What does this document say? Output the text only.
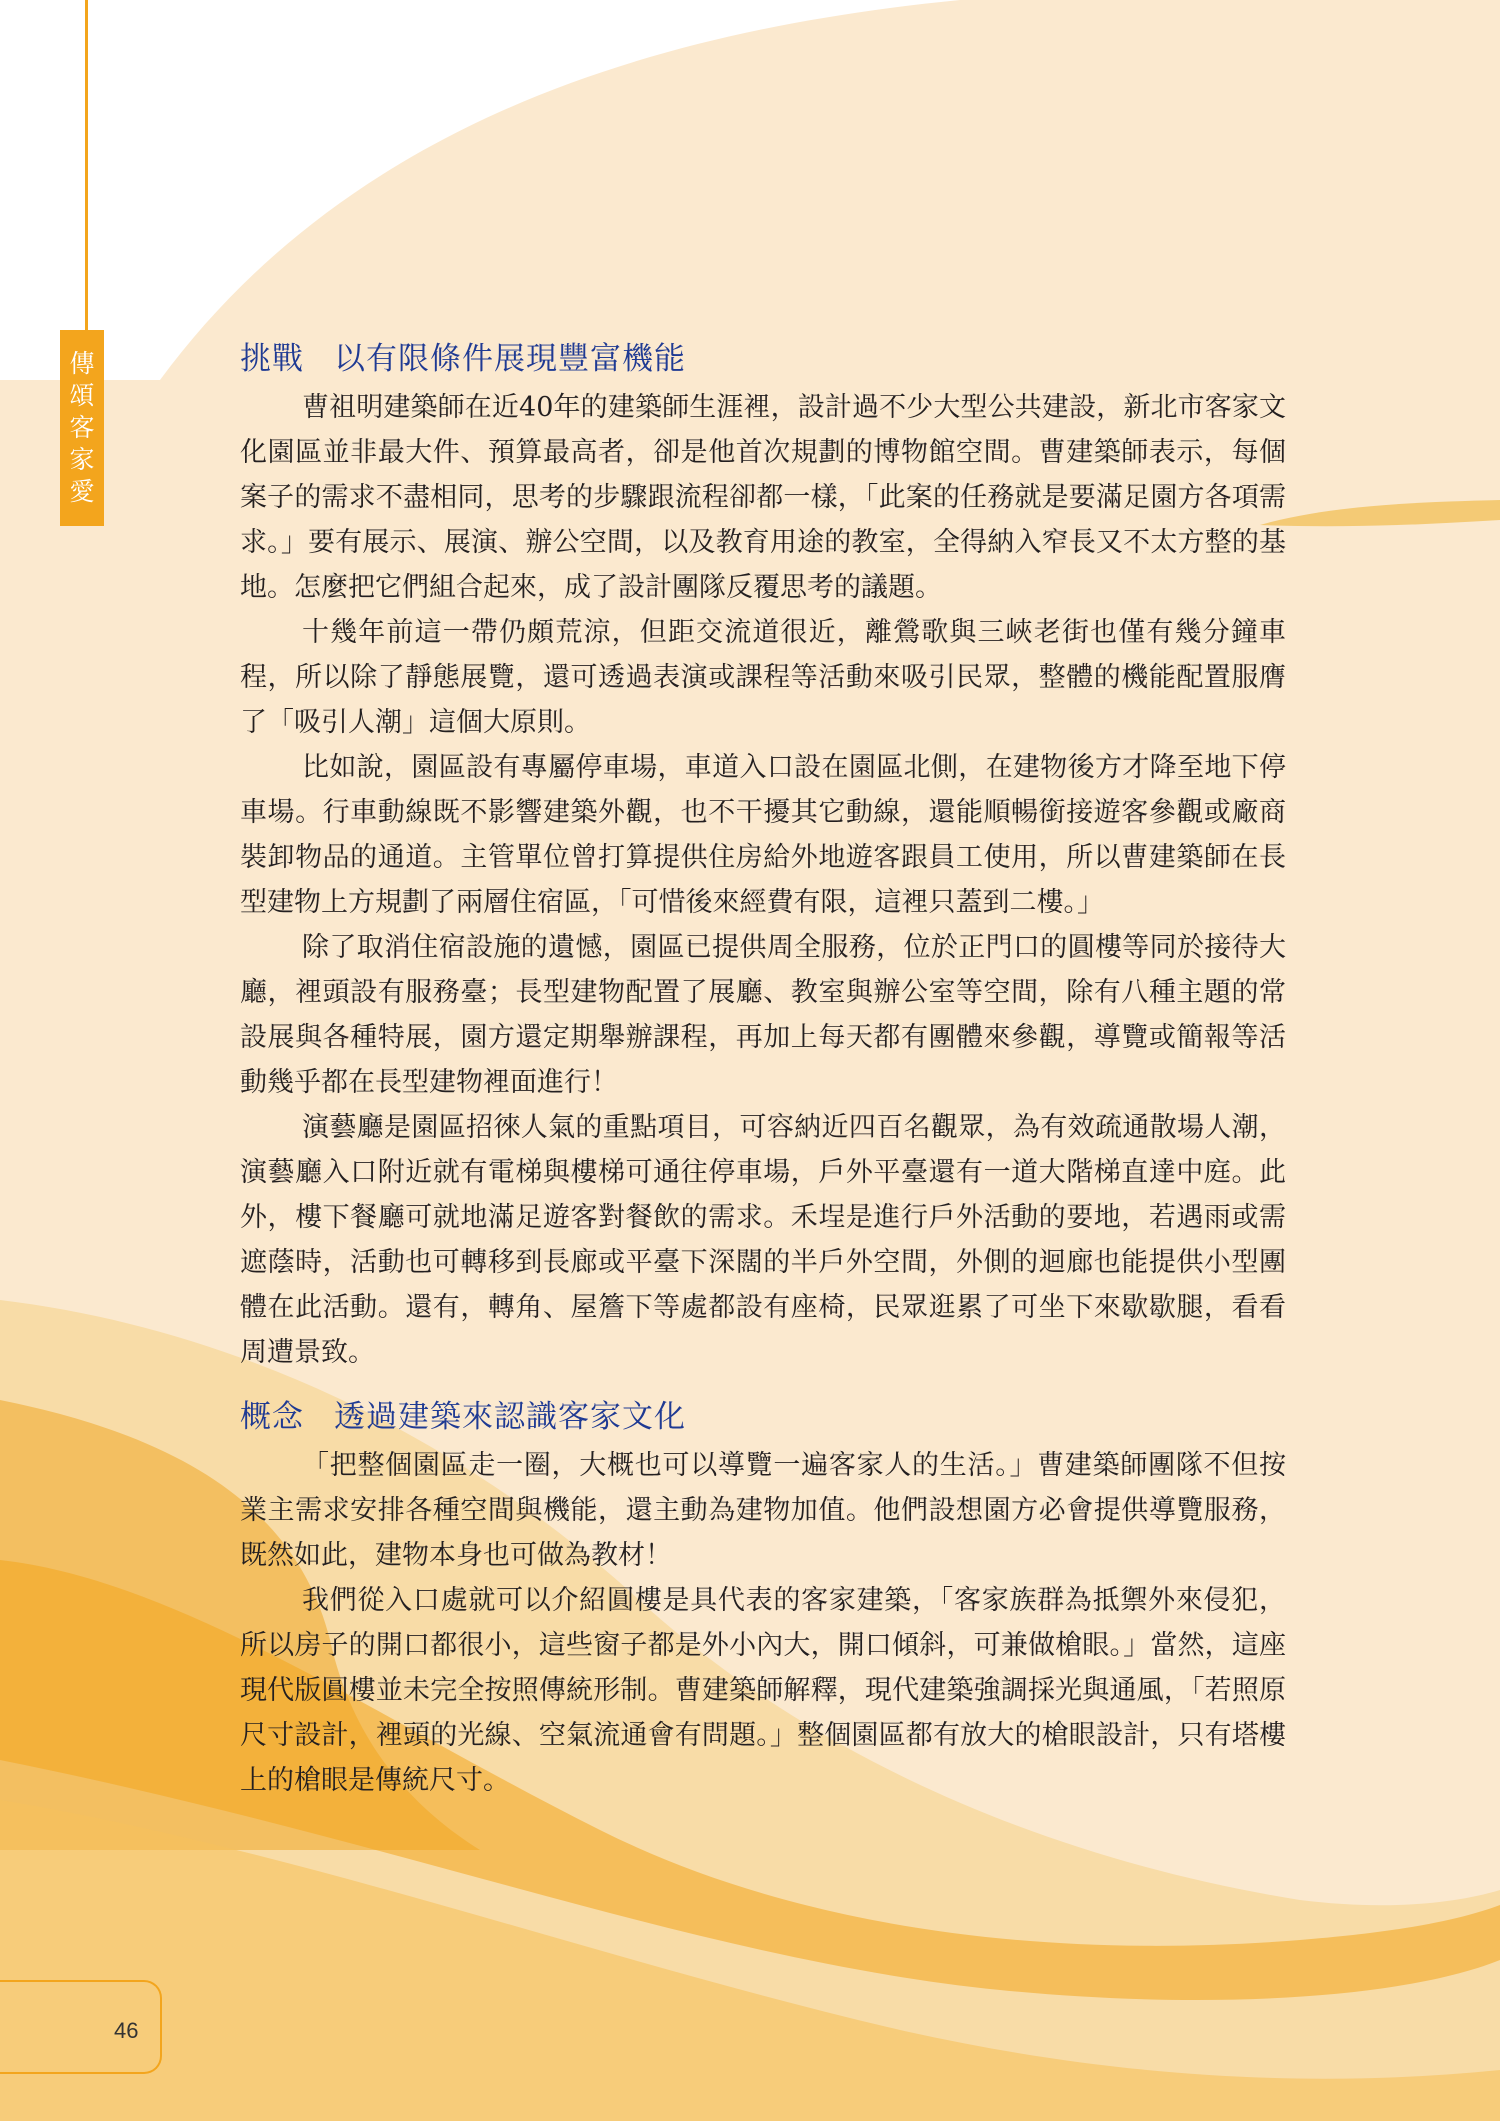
傳
頌
客
家
愛
挑戰 以有限條件展現豐富機能

曹祖明建築師在近40年的建築師生涯裡，設計過不少大型公共建設，新北市客家文化園區並非最大件、預算最高者，卻是他首次規劃的博物館空間。曹建築師表示，每個案子的需求不盡相同，思考的步驟跟流程卻都一樣，「此案的任務就是要滿足園方各項需求。」要有展示、展演、辦公空間，以及教育用途的教室，全得納入窄長又不太方整的基地。怎麼把它們組合起來，成了設計團隊反覆思考的議題。

十幾年前這一帶仍頗荒涼，但距交流道很近，離鶯歌與三峽老街也僅有幾分鐘車程，所以除了靜態展覽，還可透過表演或課程等活動來吸引民眾，整體的機能配置服膺了「吸引人潮」這個大原則。

比如說，園區設有專屬停車場，車道入口設在園區北側，在建物後方才降至地下停車場。行車動線既不影響建築外觀，也不干擾其它動線，還能順暢銜接遊客參觀或廠商裝卸物品的通道。主管單位曾打算提供住房給外地遊客跟員工使用，所以曹建築師在長型建物上方規劃了兩層住宿區，「可惜後來經費有限，這裡只蓋到二樓。」

除了取消住宿設施的遺憾，園區已提供周全服務，位於正門口的圓樓等同於接待大廳，裡頭設有服務臺；長型建物配置了展廳、教室與辦公室等空間，除有八種主題的常設展與各種特展，園方還定期舉辦課程，再加上每天都有團體來參觀，導覽或簡報等活動幾乎都在長型建物裡面進行！

演藝廳是園區招徠人氣的重點項目，可容納近四百名觀眾，為有效疏通散場人潮，演藝廳入口附近就有電梯與樓梯可通往停車場，戶外平臺還有一道大階梯直達中庭。此外，樓下餐廳可就地滿足遊客對餐飲的需求。禾埕是進行戶外活動的要地，若遇雨或需遮蔭時，活動也可轉移到長廊或平臺下深闊的半戶外空間，外側的迴廊也能提供小型團體在此活動。還有，轉角、屋簷下等處都設有座椅，民眾逛累了可坐下來歇歇腿，看看周遭景致。

概念 透過建築來認識客家文化

「把整個園區走一圈，大概也可以導覽一遍客家人的生活。」曹建築師團隊不但按業主需求安排各種空間與機能，還主動為建物加值。他們設想園方必會提供導覽服務，既然如此，建物本身也可做為教材！

我們從入口處就可以介紹圓樓是具代表的客家建築，「客家族群為抵禦外來侵犯，所以房子的開口都很小，這些窗子都是外小內大，開口傾斜，可兼做槍眼。」當然，這座現代版圓樓並未完全按照傳統形制。曹建築師解釋，現代建築強調採光與通風，「若照原尺寸設計，裡頭的光線、空氣流通會有問題。」整個園區都有放大的槍眼設計，只有塔樓上的槍眼是傳統尺寸。

46
